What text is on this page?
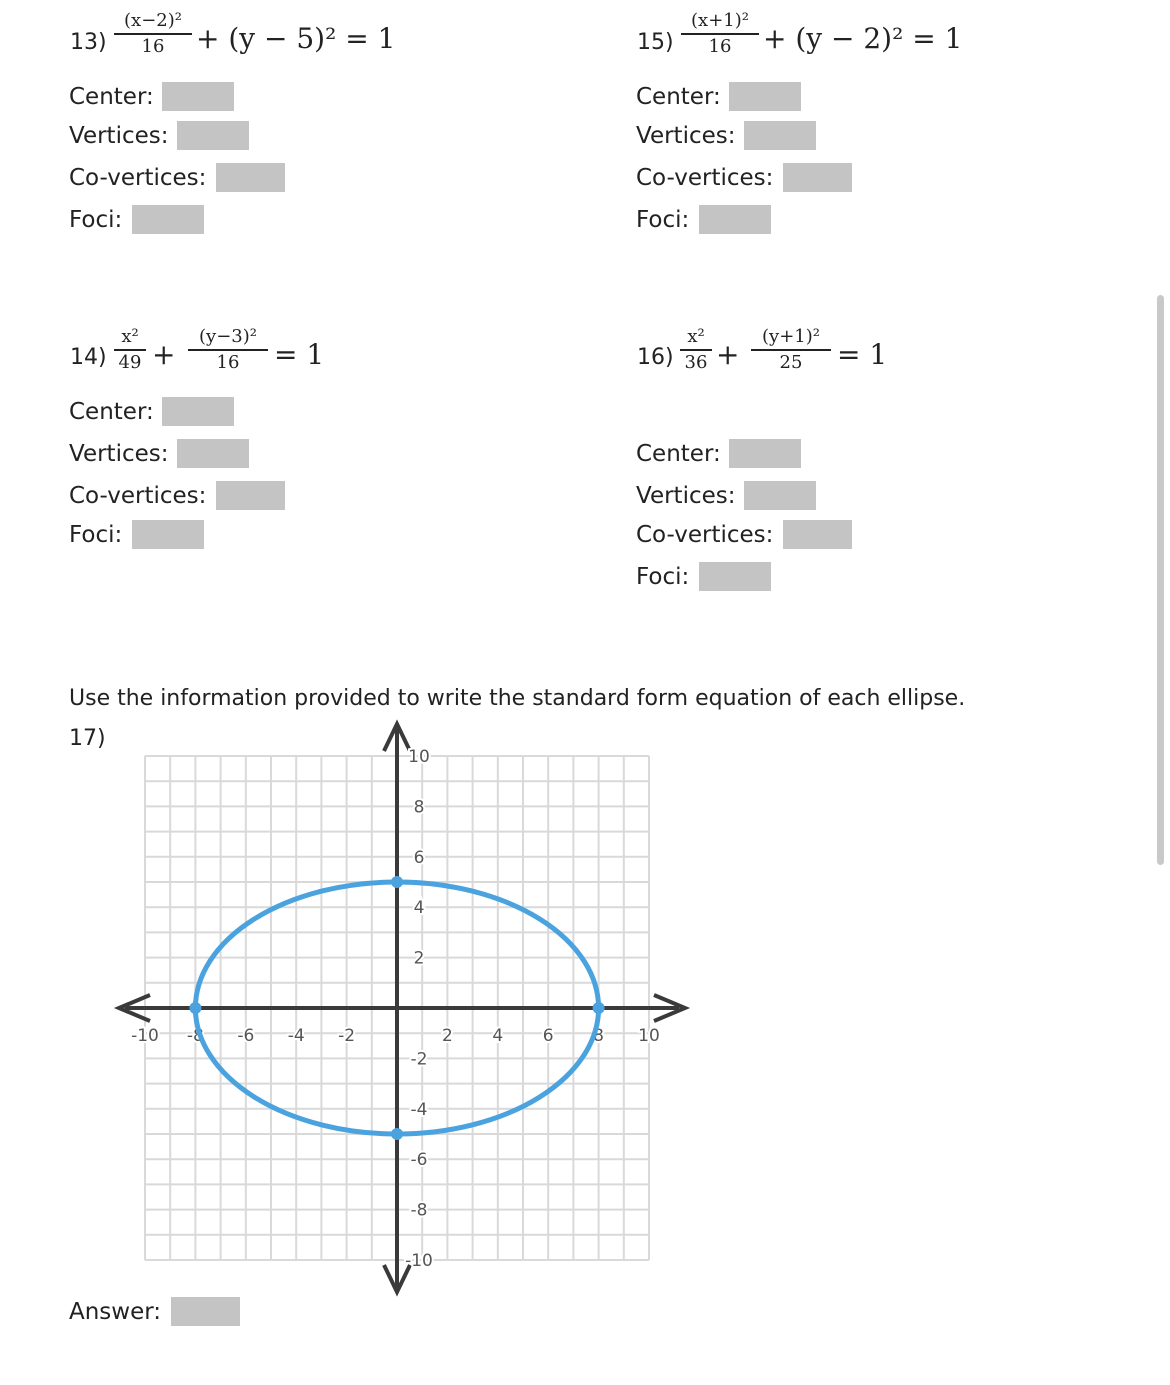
13)
(x−2)²
16	+ (y − 5)² = 1
Center:
Vertices:
Co-vertices:
Foci:
15)
(x+1)²
16	+ (y − 2)² = 1
Center:
Vertices:
Co-vertices:
Foci:
14)
x²
49 +
(y−3)²
16	= 1
Center:
Vertices:
Co-vertices:
Foci:
16)
x²
36 +
(y+1)²
25	= 1
Center:
Vertices:
Co-vertices:
Foci:
Use the information provided to write the standard form equation of each ellipse.
17)
-10 -8 -6 -4 -2	2 4 6 8 10
10
8
6
4
2
-2
-4
-6
-8
-10
Answer:
